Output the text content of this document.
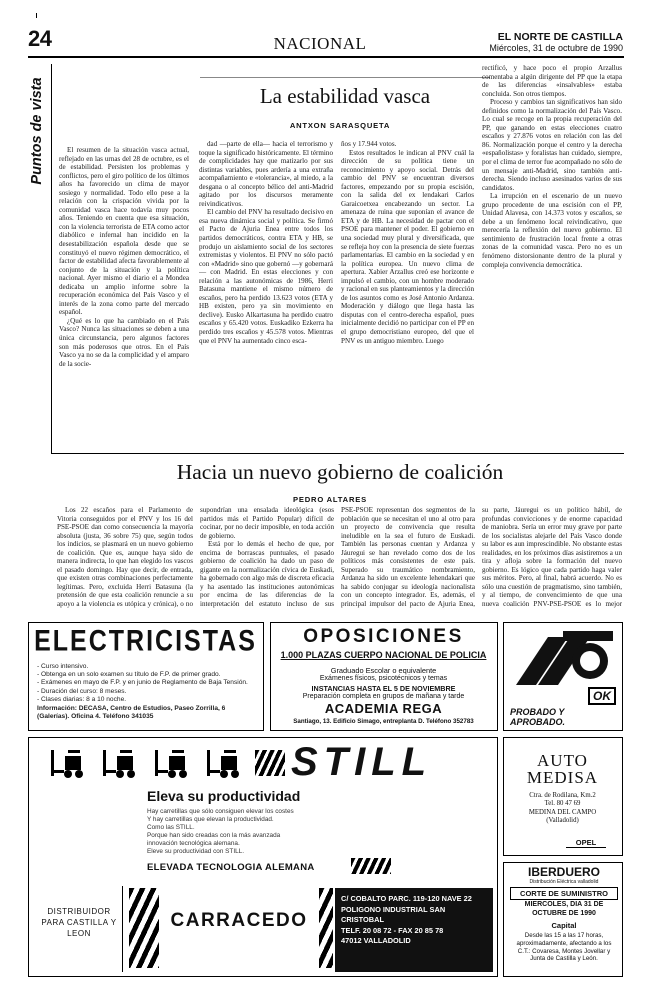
24	NACIONAL	EL NORTE DE CASTILLA
Miércoles, 31 de octubre de 1990
Puntos de vista	La estabilidad vasca
ANTXON SARASQUETA

El resumen de la situación vasca actual, reflejado en las urnas del 28 de octubre, es el de estabilidad. Persisten los problemas y conflictos, pero el giro político de los últimos años ha favorecido un clima de mayor sosiego y normalidad. Todo ello pese a la relación con la crispación vivida por la comunidad vasca hace todavía muy pocos años. Teniendo en cuenta que esa situación, con la violencia terrorista de ETA como actor diabólico e infernal han incidido en la desestabilización española desde que se constituyó el nuevo régimen democrático, el factor de estabilidad afecta favorablemente al conjunto de la situación y la política nacional. Ayer mismo el diario el a Mondea dedicaba un amplio informe sobre la recuperación económica del País Vasco y el interés de la zona como parte del mercado español.

¿Qué es lo que ha cambiado en el País Vasco? Nunca las situaciones se deben a una única circunstancia, pero algunos factores son más poderosos que otros. En el País Vasco ya no se da la complicidad y el amparo de la socie-

dad —parte de ella— hacia el terrorismo y toque la significado históricamente. El término de complicidades hay que matizarlo por sus distintas variables, pues ardería a una extraña acompañamiento e «tolerancia», al miedo, a la desgana o al concepto bélico del anti-Madrid agitado por los discursos meramente reivindicativos.

El cambio del PNV ha resultado decisivo en esa nueva dinámica social y política. Se firmó el Pacto de Ajuria Enea entre todos los partidos democráticos, contra ETA y HB, se produjo un aislamiento social de los sectores extremistas y violentos. El PNV no sólo pactó con «Madrid» sino que gobernó —y gobernará— con Madrid. En estas elecciones y con relación a las autonómicas de 1986, Herri Batasuna mantiene el mismo número de escaños, pero ha perdido 13.623 votos (ETA y HB existen, pero ya sin movimiento en declive). Eusko Alkartasuna ha perdido cuatro escaños y 65.420 votos. Euskadiko Ezkerra ha perdido tres escaños y 45.578 votos. Mientras que el PNV ha aumentado cinco esca-

ños y 17.944 votos.

Estos resultados le indican al PNV cuál la dirección de su política tiene un reconocimiento y apoyo social. Detrás del cambio del PNV se encuentran diversos factores, empezando por su propia escisión, con la salida del ex lendakari Carlos Garaicoetxea encabezando un sector. La amenaza de ruina que suponían el avance de ETA y de HB. La necesidad de pactar con el PSOE para mantener el poder. El gobierno en una sociedad muy plural y diversificada, que se refleja hoy con la presencia de siete fuerzas parlamentarias. El cambio en la sociedad y en la política europea. Un nuevo clima de apertura. Xabier Arzallus creó ese horizonte e impulsó el cambio, con un hombre moderado y racional en sus planteamientos y la dirección de los asuntos como es José Antonio Ardanza. Moderación y diálogo que llega hasta las disputas con el centro-derecha español, pues inicialmente decidió no participar con el PP en el grupo democristiano europeo, del que el PNV es un antiguo miembro. Luego

rectificó, y hace poco el propio Arzallus comentaba a algún dirigente del PP que la etapa de las diferencias «insalvables» estaba concluida. Son otros tiempos.

Proceso y cambios tan significativos han sido definidos como la normalización del País Vasco. Lo cual se recoge en la propia recuperación del PP, que ganando en estas elecciones cuatro escaños y 27.876 votos en relación con las del 86. Normalización porque el centro y la derecha «españolistas» y foralistas han cuidado, siempre, por el clima de terror fue acompañado no sólo de un mensaje anti-Madrid, sino también anti-derecha. Siendo incluso asesinados varios de sus candidatos.

La irrupción en el escenario de un nuevo grupo procedente de una escisión con el PP, Unidad Alavesa, con 14.373 votos y escaños, se debe a un fenómeno local reivindicativo, que merecería la reflexión del nuevo gobierno. El sentimiento de frustración local frente a otras zonas de la comunidad vasca. Pero no es un fenómeno distorsionante dentro de la plural y compleja convivencia democrática.

Hacia un nuevo gobierno de coalición
PEDRO ALTARES

Los 22 escaños para el Parlamento de Vitoria conseguidos por el PNV y los 16 del PSE-PSOE dan como consecuencia la mayoría absoluta (justa, 36 sobre 75) que, según todos los indicios, se plasmará en un nuevo gobierno de coalición. Que es, aunque haya sido de manera indirecta, lo que han elegido los vascos el pasado domingo. Hay que decir, de entrada, que existen otras combinaciones perfectamente legítimas. Pero, excluida Herri Batasuna (la pretensión de que esta coalición renuncie a su apoyo a la violencia es utópica y crónica), o no

supondrían una ensalada ideológica (esos partidos más el Partido Popular) difícil de cocinar, por no decir imposible, en toda acción de gobierno.

Está por lo demás el hecho de que, por encima de borrascas puntuales, el pasado gobierno de coalición ha dado un paso de gigante en la normalización cívica de Euskadi, ha gobernado con algo más de discreta eficacia y ha asentado las instituciones autonómicas por encima de las diferencias de la interpretación del estatuto incluso de sus

PSE-PSOE representan dos segmentos de la población que se necesitan el uno al otro para un proyecto de convivencia que resulta ineludible en la sea el futuro de Euskadi. También las personas cuentan y Ardanza y Jáuregui se han revelado como dos de los políticos más consistentes de este país. Superado su traumático nombramiento, Ardanza ha sido un excelente lehendakari que ha sabido conjugar su ideología nacionalista con un concepto integrador. Es, además, el principal impulsor del pacto de Ajuria Enea,

su parte, Jáuregui es un político hábil, de profundas convicciones y de enorme capacidad de maniobra. Sería un error muy grave por parte de los socialistas alejarle del País Vasco donde su labor es aun imprescindible. No obstante estas realidades, en los próximos días asistiremos a un tira y afloja sobre la formación del nuevo gobierno. Es lógico que cada partido haga valer sus méritos. Pero, al final, habrá acuerdo. No es sólo una cuestión de pragmatismo, sino también, y al tiempo, de convencimiento de que una nueva coalición PNV-PSE-PSOE es lo mejor

ELECTRICISTAS
- Curso intensivo.
- Obtenga en un solo examen su título de F.P. de primer grado.
- Exámenes en mayo de F.P. y en junio de Reglamento de Baja Tensión.
- Duración del curso: 8 meses.
- Clases diarias: 8 a 10 noche.
Información: DECASA, Centro de Estudios, Paseo Zorrilla, 6 (Galerías). Oficina 4. Teléfono 341035
OPOSICIONES
1.000 PLAZAS CUERPO NACIONAL DE POLICIA
Graduado Escolar o equivalente
Exámenes físicos, psicotécnicos y temas
INSTANCIAS HASTA EL 5 DE NOVIEMBRE
Preparación completa en grupos de mañana y tarde
ACADEMIA REGA
Santiago, 13. Edificio Simago, entreplanta D. Teléfono 352783
OK
PROBADO Y APROBADO.
STILL
Eleva su productividad
Hay carretillas que sólo consiguen elevar los costes
Y hay carretillas que elevan la productividad.
Como las STILL.
Porque han sido creadas con la más avanzada
innovación tecnológica alemana.
Eleve su productividad con STILL.
ELEVADA TECNOLOGIA ALEMANA
DISTRIBUIDOR PARA CASTILLA Y LEON
CARRACEDO
C/ COBALTO PARC. 119-120 NAVE 22
POLIGONO INDUSTRIAL SAN CRISTOBAL
TELF. 20 08 72 - FAX 20 85 78
47012 VALLADOLID
AUTO MEDISA
Ctra. de Rodilana, Km.2
Tel. 80 47 69
MEDINA DEL CAMPO
(Valladolid)
OPEL
IBERDUERO
Distribución Eléctrica valladolid
CORTE DE SUMINISTRO
MIERCOLES, DIA 31 DE OCTUBRE DE 1990
Capital
Desde las 15 a las 17 horas, aproximadamente, afectando a los C.T.: Covaresa, Montes Jovellar y Junta de Castilla y León.
